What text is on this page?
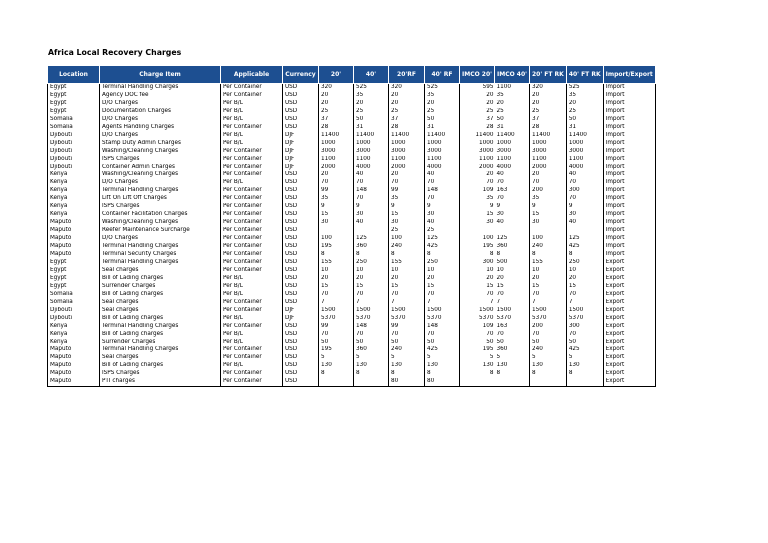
Africa Local Recovery Charges
Location	Charge Item	Applicable	Currency	20'	40'	20'RF	40' RF	IMCO 20'	IMCO 40'	20' FT RK	40' FT RK	Import/Export
Egypt	Terminal Handling Charges	Per Container	USD	320	525	320	525	595	1100	320	525	Import
Egypt	Agency DOC fee	Per Container	USD	20	35	20	35	20	35	20	35	Import
Egypt	D/O Charges	Per B/L	USD	20	20	20	20	20	20	20	20	Import
Egypt	Documentation Charges	Per B/L	USD	25	25	25	25	25	25	25	25	Import
Somalia	D/O Charges	Per B/L	USD	37	50	37	50	37	50	37	50	Import
Somalia	Agents Handling Charges	Per Container	USD	28	31	28	31	28	31	28	31	Import
Djibouti	D/O Charges	Per B/L	DJF	11400	11400	11400	11400	11400	11400	11400	11400	Import
Djibouti	Stamp Duty Admin Charges	Per B/L	DJF	1000	1000	1000	1000	1000	1000	1000	1000	Import
Djibouti	Washing/Cleaning Charges	Per Container	DJF	3000	3000	3000	3000	3000	3000	3000	3000	Import
Djibouti	ISPS Charges	Per Container	DJF	1100	1100	1100	1100	1100	1100	1100	1100	Import
Djibouti	Container Admin Charges	Per Container	DJF	2000	4000	2000	4000	2000	4000	2000	4000	Import
Kenya	Washing/Cleaning Charges	Per Container	USD	20	40	20	40	20	40	20	40	Import
Kenya	D/O Charges	Per B/L	USD	70	70	70	70	70	70	70	70	Import
Kenya	Terminal Handling Charges	Per Container	USD	99	148	99	148	109	163	200	300	Import
Kenya	Lift On Lift Off Charges	Per Container	USD	35	70	35	70	35	70	35	70	Import
Kenya	ISPS Charges	Per Container	USD	9	9	9	9	9	9	9	9	Import
Kenya	Container Facilitation Charges	Per Container	USD	15	30	15	30	15	30	15	30	Import
Maputo	Washing/Cleaning Charges	Per Container	USD	30	40	30	40	30	40	30	40	Import
Maputo	Reefer Maintenance Surcharge	Per Container	USD			25	25					Import
Maputo	D/O Charges	Per Container	USD	100	125	100	125	100	125	100	125	Import
Maputo	Terminal Handling Charges	Per Container	USD	195	360	240	425	195	360	240	425	Import
Maputo	Terminal Security Charges	Per Container	USD	8	8	8	8	8	8	8	8	Import
Egypt	Terminal Handling Charges	Per Container	USD	155	250	155	250	300	500	155	250	Export
Egypt	Seal charges	Per Container	USD	10	10	10	10	10	10	10	10	Export
Egypt	Bill of Lading charges	Per B/L	USD	20	20	20	20	20	20	20	20	Export
Egypt	Surrender Charges	Per B/L	USD	15	15	15	15	15	15	15	15	Export
Somalia	Bill of Lading charges	Per B/L	USD	70	70	70	70	70	70	70	70	Export
Somalia	Seal charges	Per Container	USD	7	7	7	7	7	7	7	7	Export
Djibouti	Seal charges	Per Container	DJF	1500	1500	1500	1500	1500	1500	1500	1500	Export
Djibouti	Bill of Lading charges	Per B/L	DJF	5370	5370	5370	5370	5370	5370	5370	5370	Export
Kenya	Terminal Handling Charges	Per Container	USD	99	148	99	148	109	163	200	300	Export
Kenya	Bill of Lading charges	Per B/L	USD	70	70	70	70	70	70	70	70	Export
Kenya	Surrender Charges	Per B/L	USD	50	50	50	50	50	50	50	50	Export
Maputo	Terminal Handling Charges	Per Container	USD	195	360	240	425	195	360	240	425	Export
Maputo	Seal charges	Per Container	USD	5	5	5	5	5	5	5	5	Export
Maputo	Bill of Lading charges	Per B/L	USD	130	130	130	130	130	130	130	130	Export
Maputo	ISPS Charges	Per Container	USD	8	8	8	8	8	8	8	8	Export
Maputo	PTI charges	Per Container	USD			80	80					Export
